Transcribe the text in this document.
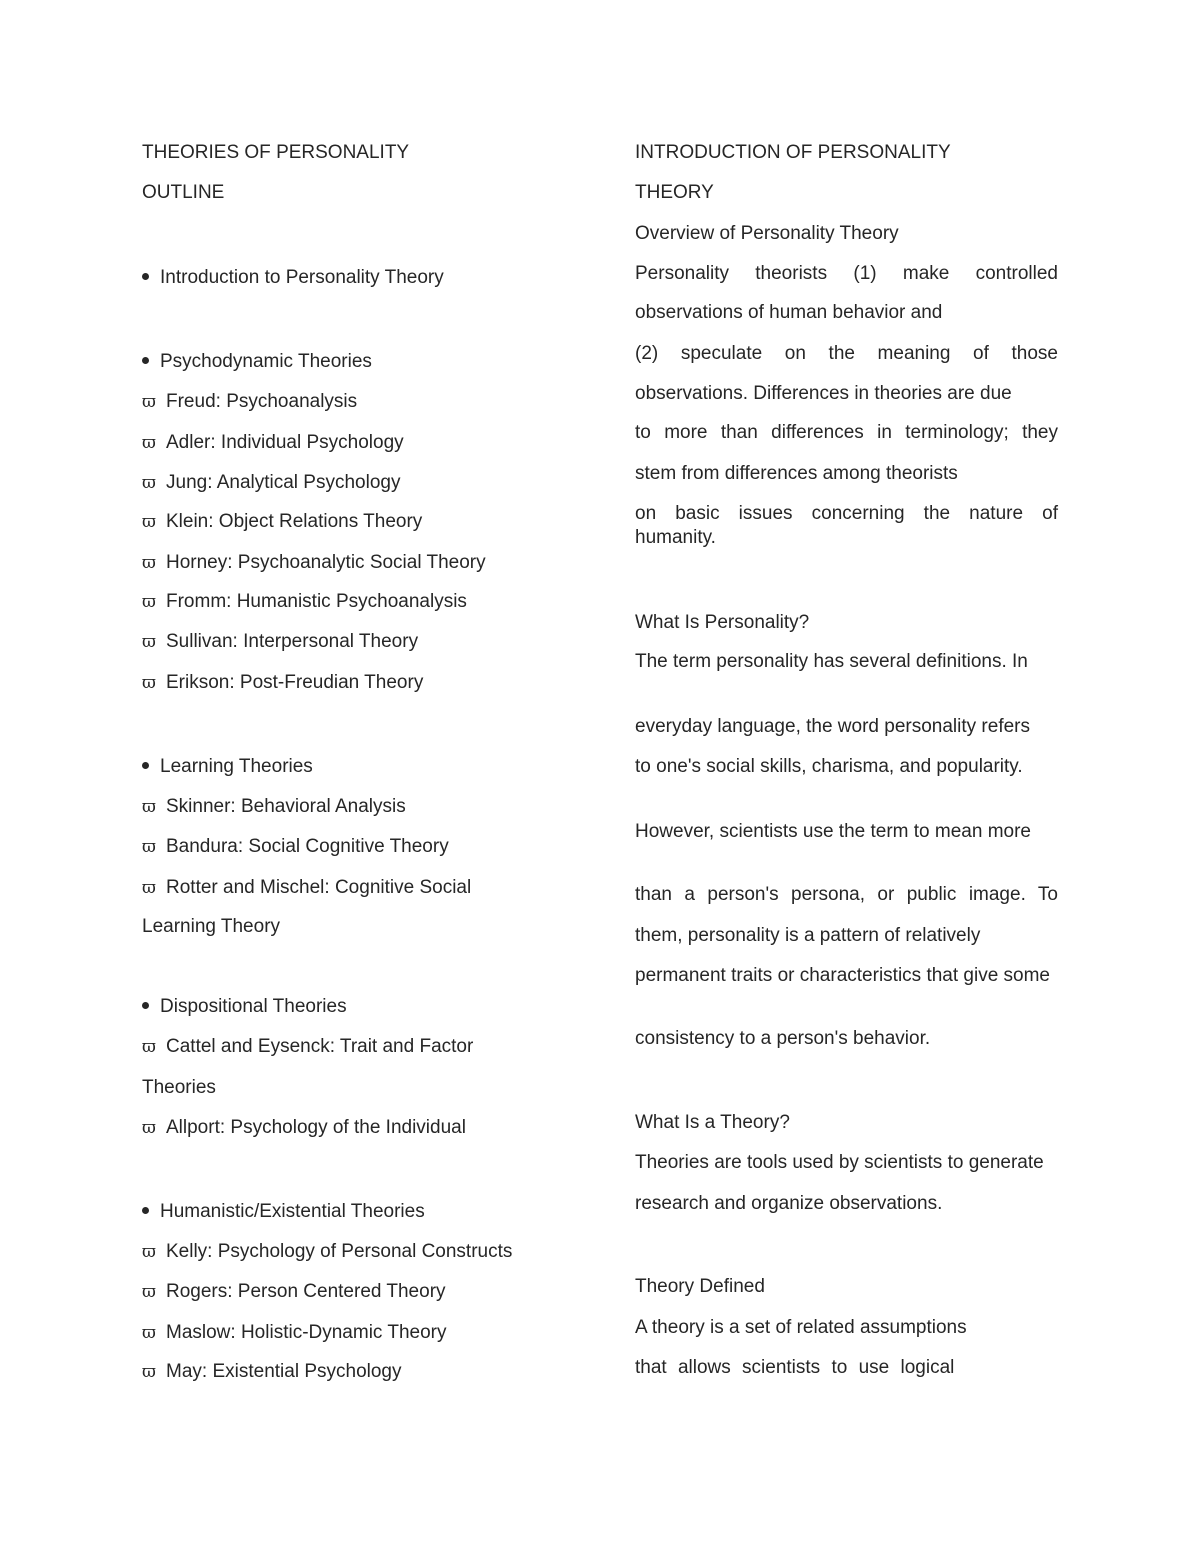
THEORIES OF PERSONALITY
OUTLINE
Introduction to Personality Theory
Psychodynamic Theories
ϖ Freud: Psychoanalysis
ϖ Adler: Individual Psychology
ϖ Jung: Analytical Psychology
ϖ Klein: Object Relations Theory
ϖ Horney: Psychoanalytic Social Theory
ϖ Fromm: Humanistic Psychoanalysis
ϖ Sullivan: Interpersonal Theory
ϖ Erikson: Post-Freudian Theory
Learning Theories
ϖ Skinner: Behavioral Analysis
ϖ Bandura: Social Cognitive Theory
ϖ Rotter and Mischel: Cognitive Social
Learning Theory
Dispositional Theories
ϖ Cattel and Eysenck: Trait and Factor
Theories
ϖ Allport: Psychology of the Individual
Humanistic/Existential Theories
ϖ Kelly: Psychology of Personal Constructs
ϖ Rogers: Person Centered Theory
ϖ Maslow: Holistic-Dynamic Theory
ϖ May: Existential Psychology
INTRODUCTION OF PERSONALITY
THEORY
Overview of Personality Theory
Personality theorists (1) make controlled
observations of human behavior and
(2) speculate on the meaning of those
observations. Differences in theories are due
to more than differences in terminology; they
stem from differences among theorists
on basic issues concerning the nature of humanity.
What Is Personality?
The term personality has several definitions. In
everyday language, the word personality refers
to one's social skills, charisma, and popularity.
However, scientists use the term to mean more
than a person's persona, or public image. To
them, personality is a pattern of relatively
permanent traits or characteristics that give some
consistency to a person's behavior.
What Is a Theory?
Theories are tools used by scientists to generate
research and organize observations.
Theory Defined
A theory is a set of related assumptions
that allows scientists to use logical
